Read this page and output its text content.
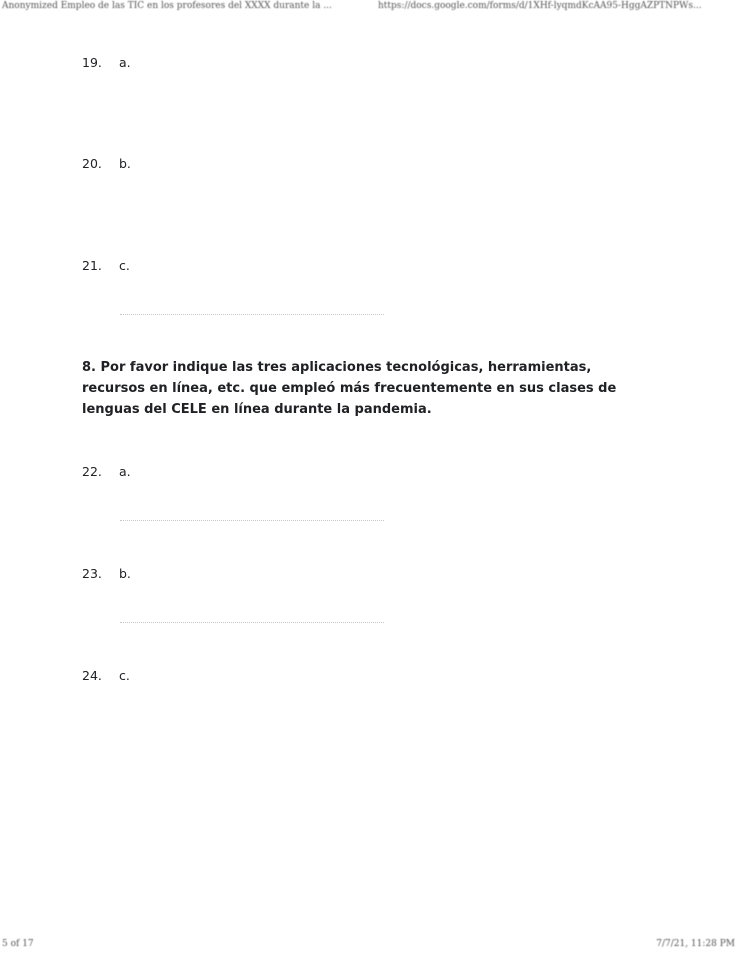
Anonymized Empleo de las TIC en los profesores del XXXX durante la ...	https://docs.google.com/forms/d/1XHf-lyqmdKcAA95-HggAZPTNPWs...
19.	a.
20.	b.
21.	c.
8. Por favor indique las tres aplicaciones tecnológicas, herramientas, recursos en línea, etc. que empleó más frecuentemente en sus clases de lenguas del CELE en línea durante la pandemia.
22.	a.
23.	b.
24.	c.
5 of 17	7/7/21, 11:28 PM
